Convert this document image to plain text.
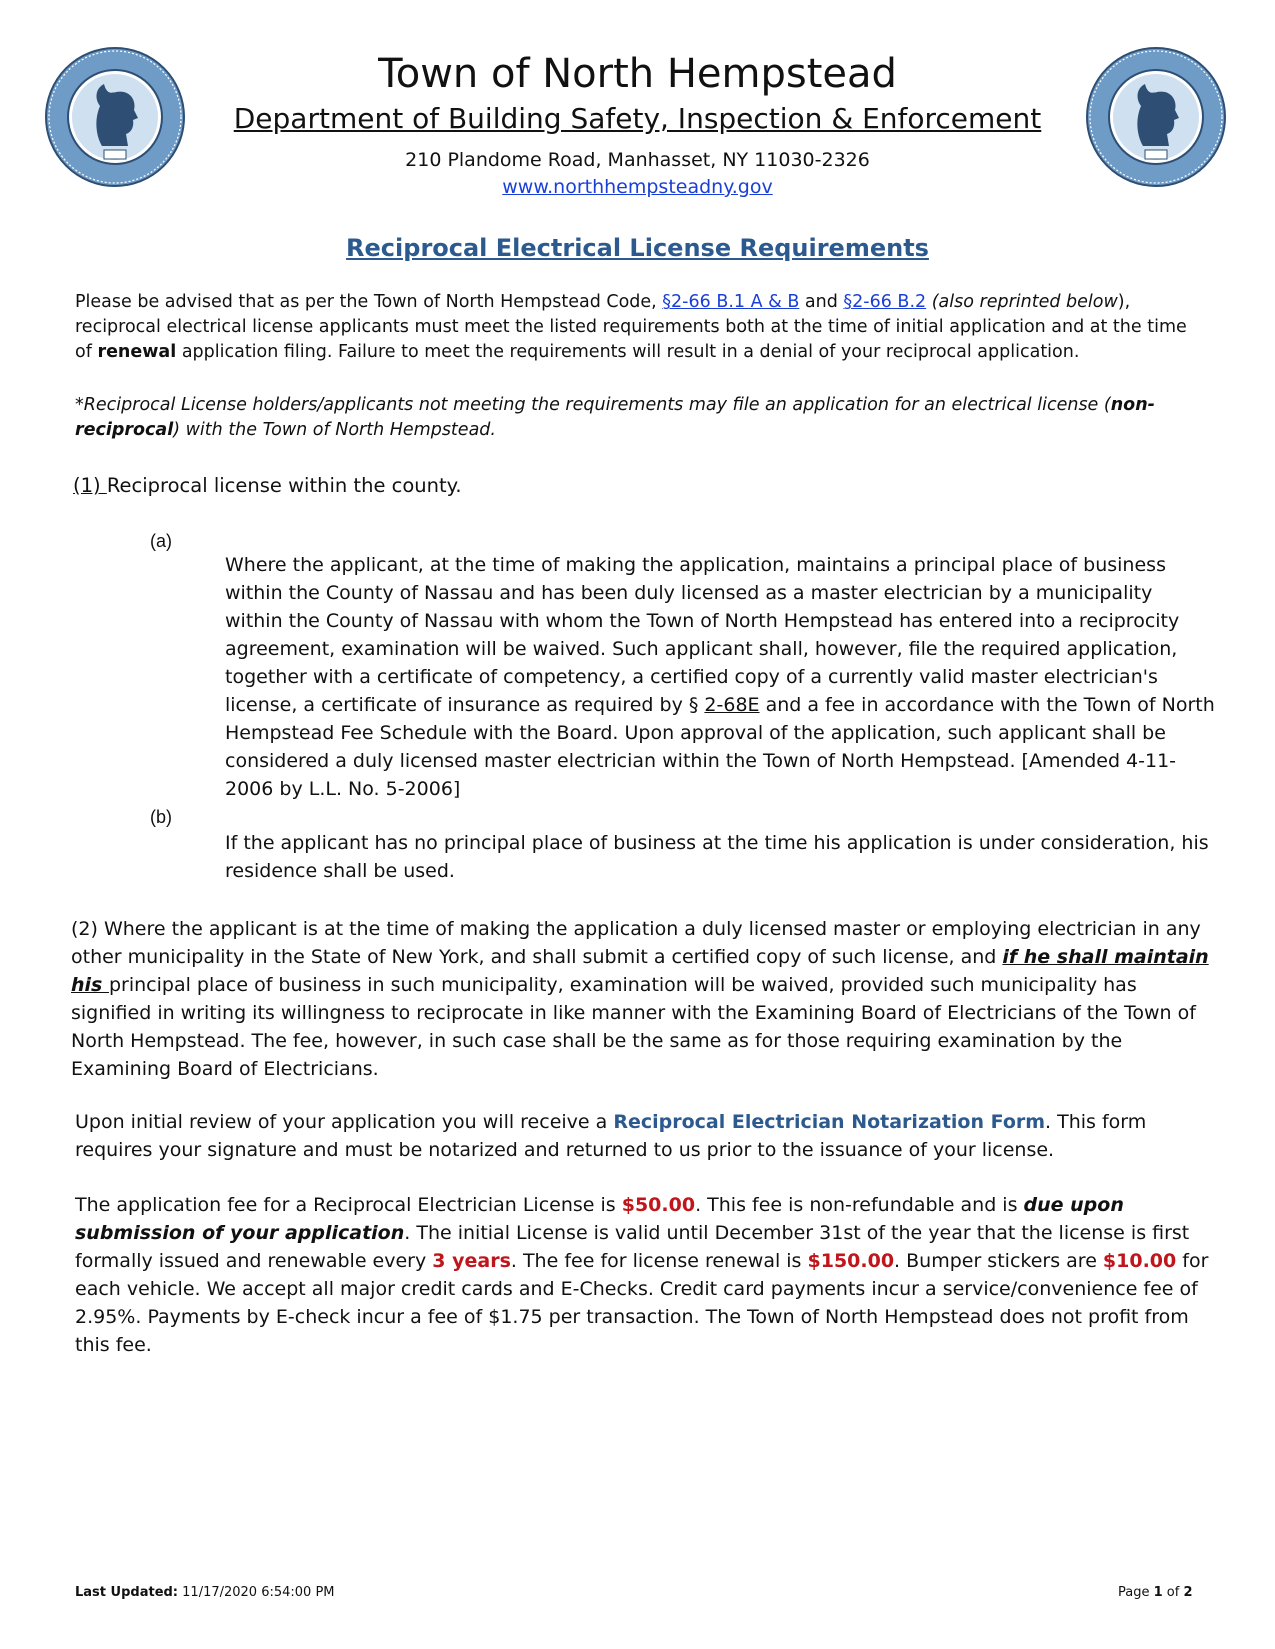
Town of North Hempstead
Department of Building Safety, Inspection & Enforcement
210 Plandome Road, Manhasset, NY 11030-2326
www.northhempsteadny.gov
Reciprocal Electrical License Requirements
Please be advised that as per the Town of North Hempstead Code, §2-66 B.1 A & B and §2-66 B.2 (also reprinted below), reciprocal electrical license applicants must meet the listed requirements both at the time of initial application and at the time of renewal application filing. Failure to meet the requirements will result in a denial of your reciprocal application.
*Reciprocal License holders/applicants not meeting the requirements may file an application for an electrical license (non-reciprocal) with the Town of North Hempstead.
(1) Reciprocal license within the county.
(a)
Where the applicant, at the time of making the application, maintains a principal place of business within the County of Nassau and has been duly licensed as a master electrician by a municipality within the County of Nassau with whom the Town of North Hempstead has entered into a reciprocity agreement, examination will be waived. Such applicant shall, however, file the required application, together with a certificate of competency, a certified copy of a currently valid master electrician's license, a certificate of insurance as required by § 2-68E and a fee in accordance with the Town of North Hempstead Fee Schedule with the Board. Upon approval of the application, such applicant shall be considered a duly licensed master electrician within the Town of North Hempstead. [Amended 4-11-2006 by L.L. No. 5-2006]
(b)
If the applicant has no principal place of business at the time his application is under consideration, his residence shall be used.
(2) Where the applicant is at the time of making the application a duly licensed master or employing electrician in any other municipality in the State of New York, and shall submit a certified copy of such license, and if he shall maintain his principal place of business in such municipality, examination will be waived, provided such municipality has signified in writing its willingness to reciprocate in like manner with the Examining Board of Electricians of the Town of North Hempstead. The fee, however, in such case shall be the same as for those requiring examination by the Examining Board of Electricians.
Upon initial review of your application you will receive a Reciprocal Electrician Notarization Form. This form requires your signature and must be notarized and returned to us prior to the issuance of your license.
The application fee for a Reciprocal Electrician License is $50.00. This fee is non-refundable and is due upon submission of your application. The initial License is valid until December 31st of the year that the license is first formally issued and renewable every 3 years. The fee for license renewal is $150.00. Bumper stickers are $10.00 for each vehicle. We accept all major credit cards and E-Checks. Credit card payments incur a service/convenience fee of 2.95%. Payments by E-check incur a fee of $1.75 per transaction. The Town of North Hempstead does not profit from this fee.
Last Updated: 11/17/2020 6:54:00 PM	Page 1 of 2
